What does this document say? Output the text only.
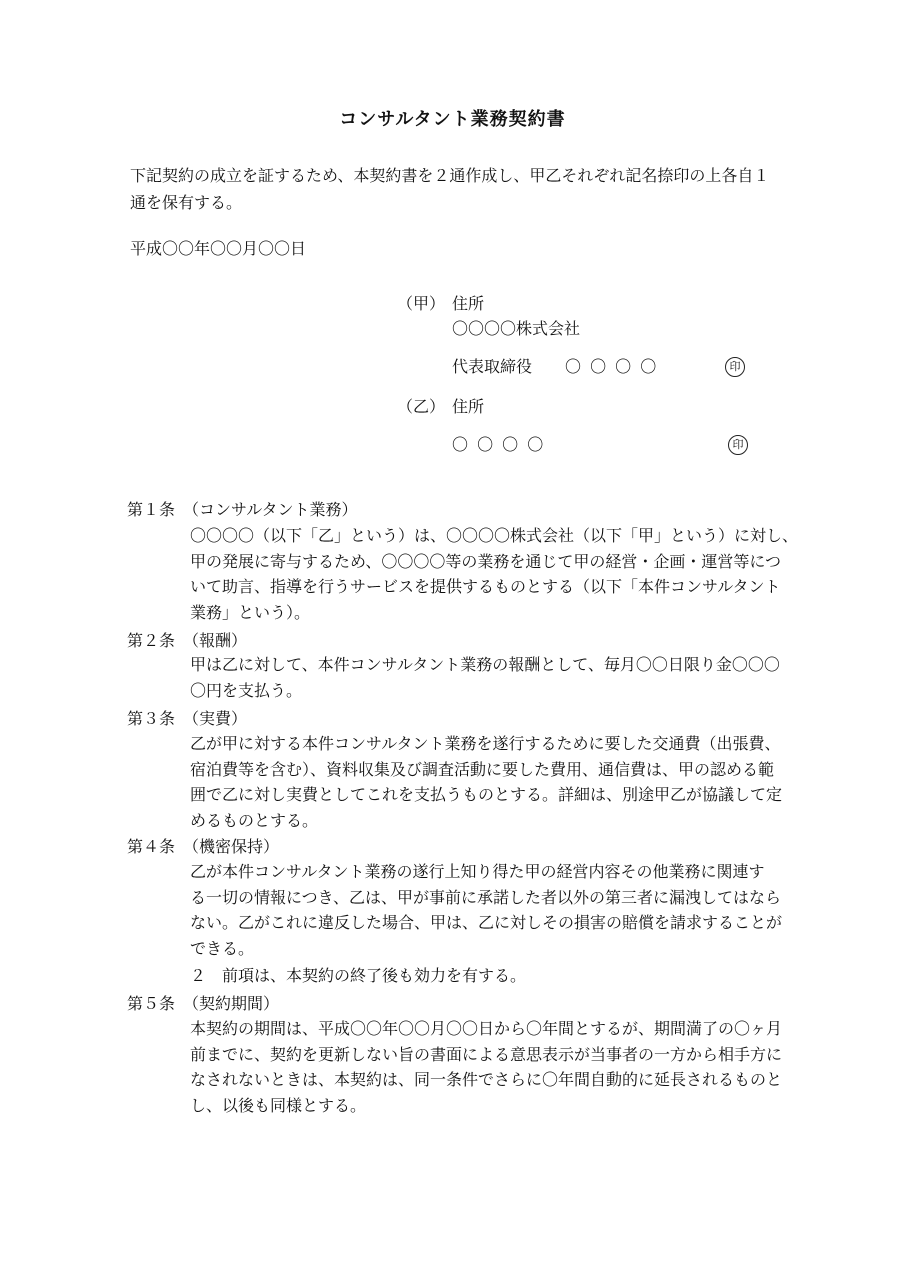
コンサルタント業務契約書
下記契約の成立を証するため、本契約書を２通作成し、甲乙それぞれ記名捺印の上各自１
通を保有する。
平成〇〇年〇〇月〇〇日
（甲） 住所
〇〇〇〇株式会社
代表取締役 〇 〇 〇 〇	印
（乙） 住所
〇 〇 〇 〇	印
第１条　（コンサルタント業務）
〇〇〇〇（以下「乙」という）は、〇〇〇〇株式会社（以下「甲」という）に対し、
甲の発展に寄与するため、〇〇〇〇等の業務を通じて甲の経営・企画・運営等につ
いて助言、指導を行うサービスを提供するものとする（以下「本件コンサルタント
業務」という）。
第２条　（報酬）
甲は乙に対して、本件コンサルタント業務の報酬として、毎月〇〇日限り金〇〇〇
〇円を支払う。
第３条　（実費）
乙が甲に対する本件コンサルタント業務を遂行するために要した交通費（出張費、
宿泊費等を含む）、資料収集及び調査活動に要した費用、通信費は、甲の認める範
囲で乙に対し実費としてこれを支払うものとする。詳細は、別途甲乙が協議して定
めるものとする。
第４条　（機密保持）
乙が本件コンサルタント業務の遂行上知り得た甲の経営内容その他業務に関連す
る一切の情報につき、乙は、甲が事前に承諾した者以外の第三者に漏洩してはなら
ない。乙がこれに違反した場合、甲は、乙に対しその損害の賠償を請求することが
できる。
２　前項は、本契約の終了後も効力を有する。
第５条　（契約期間）
本契約の期間は、平成〇〇年〇〇月〇〇日から〇年間とするが、期間満了の〇ヶ月
前までに、契約を更新しない旨の書面による意思表示が当事者の一方から相手方に
なされないときは、本契約は、同一条件でさらに〇年間自動的に延長されるものと
し、以後も同様とする。
